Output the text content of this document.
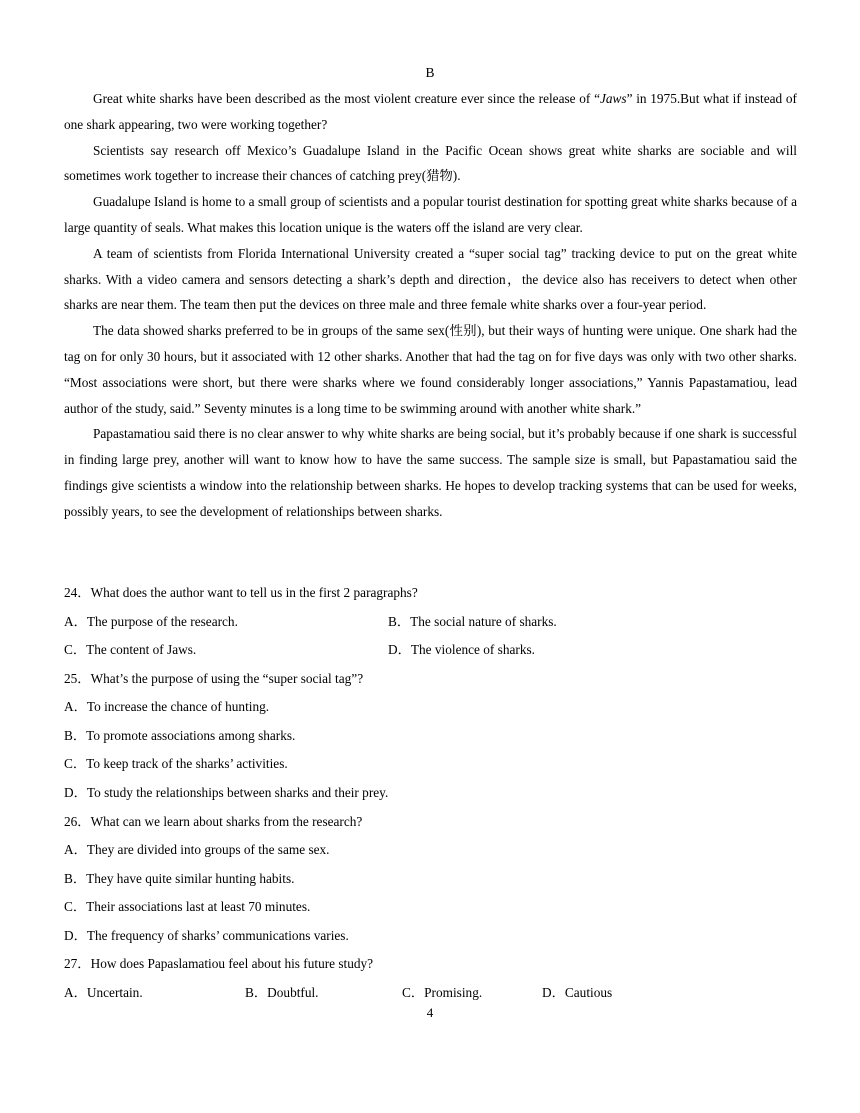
B

Great white sharks have been described as the most violent creature ever since the release of “Jaws” in 1975.But what if instead of one shark appearing, two were working together?

Scientists say research off Mexico’s Guadalupe Island in the Pacific Ocean shows great white sharks are sociable and will sometimes work together to increase their chances of catching prey(猎物).

Guadalupe Island is home to a small group of scientists and a popular tourist destination for spotting great white sharks because of a large quantity of seals. What makes this location unique is the waters off the island are very clear.

A team of scientists from Florida International University created a “super social tag” tracking device to put on the great white sharks. With a video camera and sensors detecting a shark’s depth and direction，the device also has receivers to detect when other sharks are near them. The team then put the devices on three male and three female white sharks over a four-year period.

The data showed sharks preferred to be in groups of the same sex(性别), but their ways of hunting were unique. One shark had the tag on for only 30 hours, but it associated with 12 other sharks. Another that had the tag on for five days was only with two other sharks. “Most associations were short, but there were sharks where we found considerably longer associations,” Yannis Papastamatiou, lead author of the study, said.” Seventy minutes is a long time to be swimming around with another white shark.”

Papastamatiou said there is no clear answer to why white sharks are being social, but it’s probably because if one shark is successful in finding large prey, another will want to know how to have the same success. The sample size is small, but Papastamatiou said the findings give scientists a window into the relationship between sharks. He hopes to develop tracking systems that can be used for weeks, possibly years, to see the development of relationships between sharks.

24．What does the author want to tell us in the first 2 paragraphs?
A．The purpose of the research.	B．The social nature of sharks.
C．The content of Jaws.	D．The violence of sharks.
25．What’s the purpose of using the “super social tag”?
A．To increase the chance of hunting.
B．To promote associations among sharks.
C．To keep track of the sharks’ activities.
D．To study the relationships between sharks and their prey.
26．What can we learn about sharks from the research?
A．They are divided into groups of the same sex.
B．They have quite similar hunting habits.
C．Their associations last at least 70 minutes.
D．The frequency of sharks’ communications varies.
27．How does Papaslamatiou feel about his future study?
A．Uncertain.	B．Doubtful.	C．Promising.	D．Cautious
4
